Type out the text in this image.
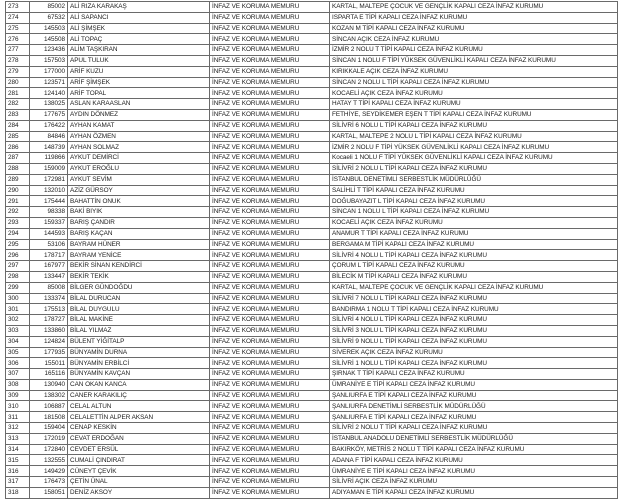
273	85002	ALİ RIZA KARAKAŞ	İNFAZ VE KORUMA MEMURU	KARTAL, MALTEPE ÇOCUK VE GENÇLİK KAPALI CEZA İNFAZ KURUMU
274	67532	ALİ SAPANCI	İNFAZ VE KORUMA MEMURU	ISPARTA E TİPİ KAPALI CEZA İNFAZ KURUMU
275	145503	ALİ ŞİMŞEK	İNFAZ VE KORUMA MEMURU	KOZAN M TİPİ KAPALI CEZA İNFAZ KURUMU
276	145508	ALİ TOPAÇ	İNFAZ VE KORUMA MEMURU	SİNCAN AÇIK CEZA İNFAZ KURUMU
277	123436	ALİM TAŞKIRAN	İNFAZ VE KORUMA MEMURU	İZMİR 2 NOLU T TİPİ KAPALI CEZA İNFAZ KURUMU
278	157503	APUL TULUK	İNFAZ VE KORUMA MEMURU	SİNCAN 1 NOLU F TİPİ YÜKSEK GÜVENLİKLİ KAPALI CEZA İNFAZ KURUMU
279	177000	ARİF KUZU	İNFAZ VE KORUMA MEMURU	KIRIKKALE AÇIK CEZA İNFAZ KURUMU
280	123571	ARİF ŞİMŞEK	İNFAZ VE KORUMA MEMURU	SİNCAN 2 NOLU L TİPİ KAPALI CEZA İNFAZ KURUMU
281	124140	ARİF TOPAL	İNFAZ VE KORUMA MEMURU	KOCAELİ AÇIK CEZA İNFAZ KURUMU
282	138025	ASLAN KARAASLAN	İNFAZ VE KORUMA MEMURU	HATAY T TİPİ KAPALI CEZA İNFAZ KURUMU
283	177675	AYDIN DÖNMEZ	İNFAZ VE KORUMA MEMURU	FETHİYE, SEYDİKEMER EŞEN T TİPİ KAPALI CEZA İNFAZ KURUMU
284	176422	AYHAN KAMAT	İNFAZ VE KORUMA MEMURU	SİLİVRİ 6 NOLU L TİPİ KAPALI CEZA İNFAZ KURUMU
285	84846	AYHAN ÖZMEN	İNFAZ VE KORUMA MEMURU	KARTAL, MALTEPE 2 NOLU L TİPİ KAPALI CEZA İNFAZ KURUMU
286	148739	AYHAN SOLMAZ	İNFAZ VE KORUMA MEMURU	İZMİR 2 NOLU F TİPİ YÜKSEK GÜVENLİKLİ KAPALI CEZA İNFAZ KURUMU
287	119866	AYKUT DEMİRCİ	İNFAZ VE KORUMA MEMURU	Kocaeli 1 NOLU F TİPİ YÜKSEK GÜVENLİKLİ KAPALI CEZA İNFAZ KURUMU
288	159009	AYKUT EROĞLU	İNFAZ VE KORUMA MEMURU	SİLİVRİ 2 NOLU L TİPİ KAPALI CEZA İNFAZ KURUMU
289	172981	AYKUT SEVİM	İNFAZ VE KORUMA MEMURU	İSTANBUL DENETİMLİ SERBESTLİK MÜDÜRLÜĞÜ
290	132010	AZİZ GÜRSOY	İNFAZ VE KORUMA MEMURU	SALİHLİ T TİPİ KAPALI CEZA İNFAZ KURUMU
291	175444	BAHATTİN ONUK	İNFAZ VE KORUMA MEMURU	DOĞUBAYAZIT L TİPİ KAPALI CEZA İNFAZ KURUMU
292	98338	BAKİ BIYIK	İNFAZ VE KORUMA MEMURU	SİNCAN 1 NOLU L TİPİ KAPALI CEZA İNFAZ KURUMU
293	159337	BARIŞ ÇANDIR	İNFAZ VE KORUMA MEMURU	KOCAELİ AÇIK CEZA İNFAZ KURUMU
294	144593	BARIŞ KAÇAN	İNFAZ VE KORUMA MEMURU	ANAMUR T TİPİ KAPALI CEZA İNFAZ KURUMU
295	53106	BAYRAM HÜNER	İNFAZ VE KORUMA MEMURU	BERGAMA M TİPİ KAPALI CEZA İNFAZ KURUMU
296	178717	BAYRAM YENİCE	İNFAZ VE KORUMA MEMURU	SİLİVRİ 4 NOLU L TİPİ KAPALI CEZA İNFAZ KURUMU
297	167977	BEKİR SİNAN KENDİRCİ	İNFAZ VE KORUMA MEMURU	ÇORUM L TİPİ KAPALI CEZA İNFAZ KURUMU
298	133447	BEKİR TEKİK	İNFAZ VE KORUMA MEMURU	BİLECİK M TİPİ KAPALI CEZA İNFAZ KURUMU
299	85008	BİLGER GÜNDOĞDU	İNFAZ VE KORUMA MEMURU	KARTAL, MALTEPE ÇOCUK VE GENÇLİK KAPALI CEZA İNFAZ KURUMU
300	133374	BİLAL DURUCAN	İNFAZ VE KORUMA MEMURU	SİLİVRİ 7 NOLU L TİPİ KAPALI CEZA İNFAZ KURUMU
301	175513	BİLAL DUYGULU	İNFAZ VE KORUMA MEMURU	BANDIRMA 1 NOLU T TİPİ KAPALI CEZA İNFAZ KURUMU
302	178727	BİLAL MAKİNE	İNFAZ VE KORUMA MEMURU	SİLİVRİ 4 NOLU L TİPİ KAPALI CEZA İNFAZ KURUMU
303	133860	BİLAL YILMAZ	İNFAZ VE KORUMA MEMURU	SİLİVRİ 3 NOLU L TİPİ KAPALI CEZA İNFAZ KURUMU
304	124824	BÜLENT YİĞİTALP	İNFAZ VE KORUMA MEMURU	SİLİVRİ 9 NOLU L TİPİ KAPALI CEZA İNFAZ KURUMU
305	177935	BÜNYAMİN DURNA	İNFAZ VE KORUMA MEMURU	SİVEREK AÇIK CEZA İNFAZ KURUMU
306	155011	BÜNYAMİN ERBİLCİ	İNFAZ VE KORUMA MEMURU	SİLİVRİ 1 NOLU L TİPİ KAPALI CEZA İNFAZ KURUMU
307	165116	BÜNYAMİN KAVÇAN	İNFAZ VE KORUMA MEMURU	ŞIRNAK T TİPİ KAPALI CEZA İNFAZ KURUMU
308	130940	CAN OKAN KANCA	İNFAZ VE KORUMA MEMURU	ÜMRANİYE E TİPİ KAPALI CEZA İNFAZ KURUMU
309	138302	CANER KARAKILIÇ	İNFAZ VE KORUMA MEMURU	ŞANLIURFA E TİPİ KAPALI CEZA İNFAZ KURUMU
310	106887	CELAL ALTUN	İNFAZ VE KORUMA MEMURU	ŞANLIURFA DENETİMLİ SERBESTLİK MÜDÜRLÜĞÜ
311	181508	CELALETTİN ALPER AKSAN	İNFAZ VE KORUMA MEMURU	ŞANLIURFA E TİPİ KAPALI CEZA İNFAZ KURUMU
312	159404	CENAP KESKİN	İNFAZ VE KORUMA MEMURU	SİLİVRİ 2 NOLU T TİPİ KAPALI CEZA İNFAZ KURUMU
313	172019	CEVAT ERDOĞAN	İNFAZ VE KORUMA MEMURU	İSTANBUL ANADOLU DENETİMLİ SERBESTLİK MÜDÜRLÜĞÜ
314	172840	CEVDET ERSÜL	İNFAZ VE KORUMA MEMURU	BAKIRKÖY, METRİS 2 NOLU T TİPİ KAPALI CEZA İNFAZ KURUMU
315	132555	CUMALİ ÇINDIRAT	İNFAZ VE KORUMA MEMURU	ADANA F TİPİ KAPALI CEZA İNFAZ KURUMU
316	149429	CÜNEYT ÇEVİK	İNFAZ VE KORUMA MEMURU	ÜMRANİYE E TİPİ KAPALI CEZA İNFAZ KURUMU
317	176473	ÇETİN ÜNAL	İNFAZ VE KORUMA MEMURU	SİLİVRİ AÇIK CEZA İNFAZ KURUMU
318	158051	DENİZ AKSOY	İNFAZ VE KORUMA MEMURU	ADIYAMAN E TİPİ KAPALI CEZA İNFAZ KURUMU
